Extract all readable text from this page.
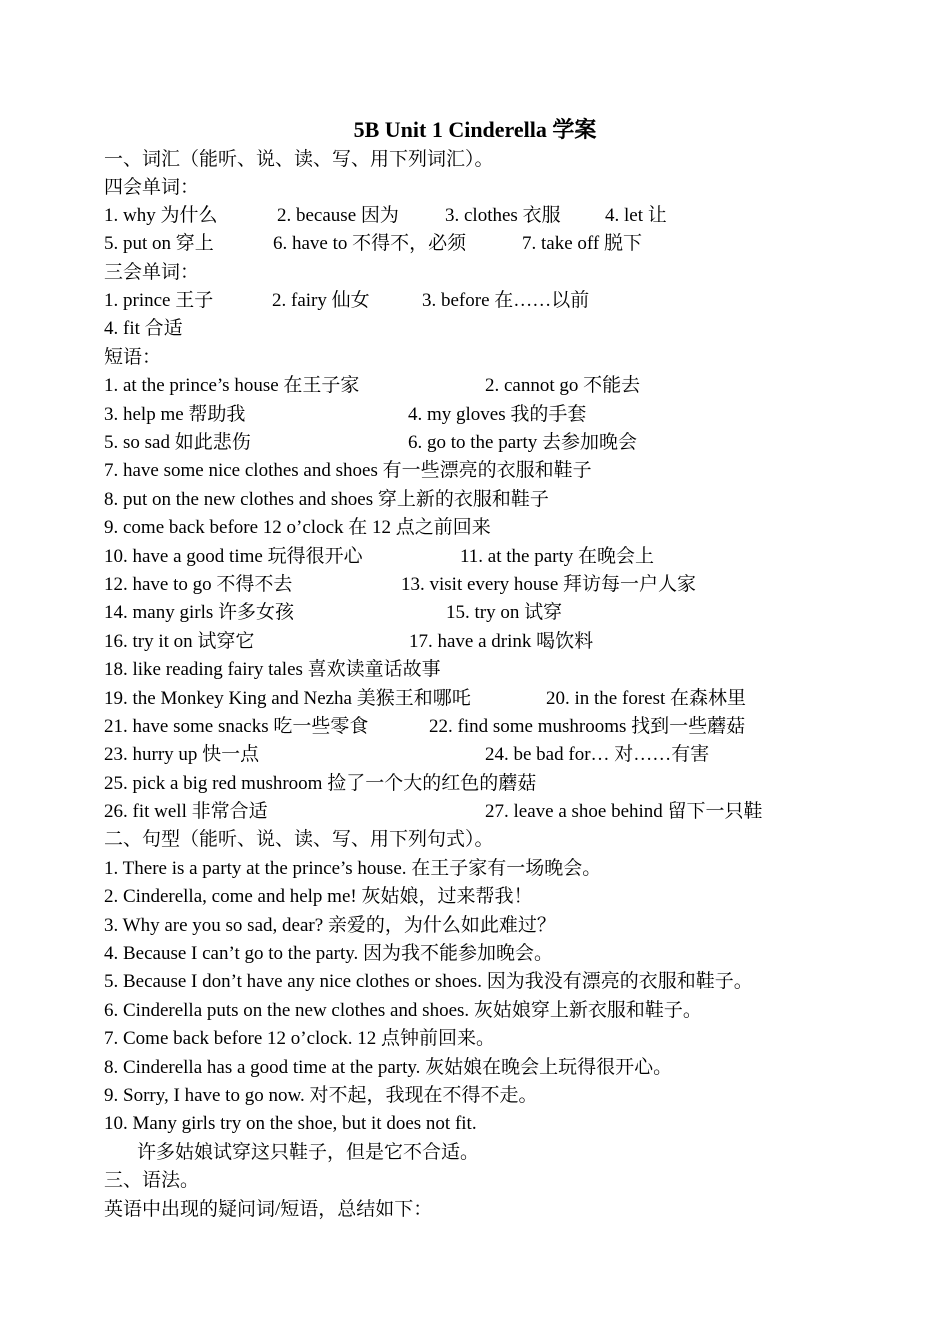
5B Unit 1 Cinderella 学案
一、词汇（能听、说、读、写、用下列词汇）。
四会单词：
1. why 为什么	2. because 因为 3. clothes 衣服 4. let 让
5. put on 穿上	6. have to 不得不，必须	7. take off 脱下
三会单词：
1. prince 王子	2. fairy 仙女	3. before 在……以前
4. fit 合适
短语：
1. at the prince’s house 在王子家	2. cannot go 不能去
3. help me 帮助我	4. my gloves 我的手套
5. so sad 如此悲伤	6. go to the party 去参加晚会
7. have some nice clothes and shoes 有一些漂亮的衣服和鞋子
8. put on the new clothes and shoes 穿上新的衣服和鞋子
9. come back before 12 o’clock 在 12 点之前回来
10. have a good time 玩得很开心	11. at the party 在晚会上
12. have to go 不得不去	13. visit every house 拜访每一户人家
14. many girls 许多女孩	15. try on 试穿
16. try it on 试穿它	17. have a drink 喝饮料
18. like reading fairy tales 喜欢读童话故事
19. the Monkey King and Nezha 美猴王和哪吒	20. in the forest 在森林里
21. have some snacks 吃一些零食	22. find some mushrooms 找到一些蘑菇
23. hurry up 快一点	24. be bad for… 对……有害
25. pick a big red mushroom 捡了一个大的红色的蘑菇
26. fit well 非常合适	27. leave a shoe behind 留下一只鞋
二、句型（能听、说、读、写、用下列句式）。
1. There is a party at the prince’s house. 在王子家有一场晚会。
2. Cinderella, come and help me! 灰姑娘，过来帮我！
3. Why are you so sad, dear? 亲爱的，为什么如此难过？
4. Because I can’t go to the party. 因为我不能参加晚会。
5. Because I don’t have any nice clothes or shoes. 因为我没有漂亮的衣服和鞋子。
6. Cinderella puts on the new clothes and shoes. 灰姑娘穿上新衣服和鞋子。
7. Come back before 12 o’clock. 12 点钟前回来。
8. Cinderella has a good time at the party. 灰姑娘在晚会上玩得很开心。
9. Sorry, I have to go now. 对不起，我现在不得不走。
10. Many girls try on the shoe, but it does not fit.
许多姑娘试穿这只鞋子，但是它不合适。
三、语法。
英语中出现的疑问词/短语，总结如下：
